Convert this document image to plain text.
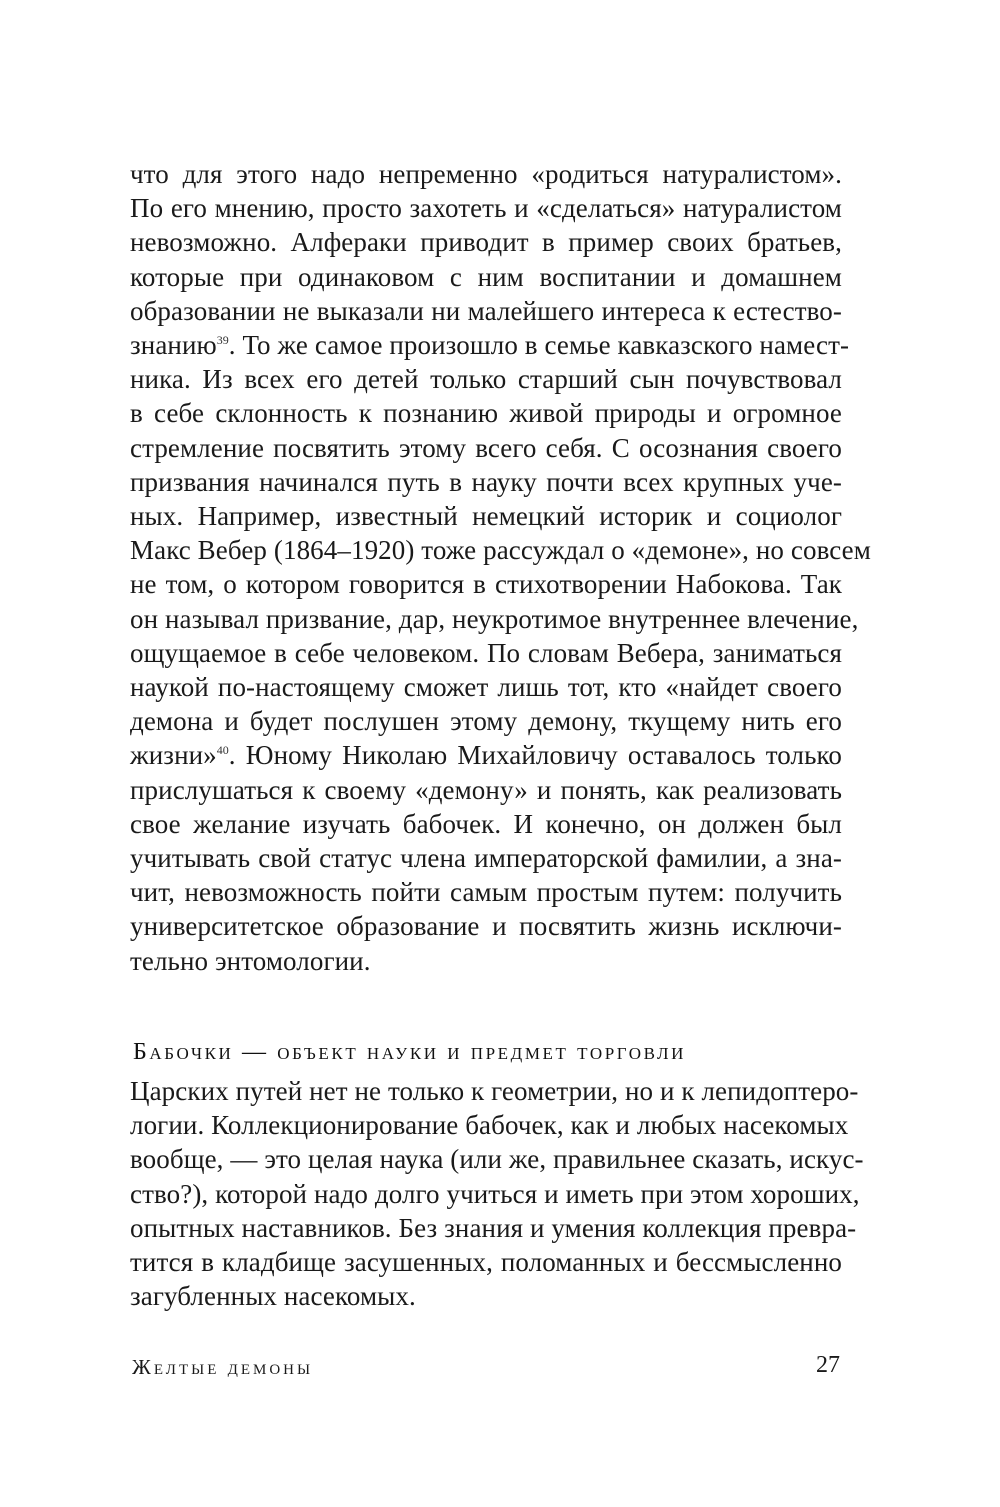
что для этого надо непременно «родиться натуралистом».
По его мнению, просто захотеть и «сделаться» натуралистом
невозможно. Алфераки приводит в пример своих братьев,
которые при одинаковом с ним воспитании и домашнем
образовании не выказали ни малейшего интереса к естество-
знанию$^{39}$. То же самое произошло в семье кавказского намест-
ника. Из всех его детей только старший сын почувствовал
в себе склонность к познанию живой природы и огромное
стремление посвятить этому всего себя. С осознания своего
призвания начинался путь в науку почти всех крупных уче-
ных. Например, известный немецкий историк и социолог
Макс Вебер (1864–1920) тоже рассуждал о «демоне», но совсем
не том, о котором говорится в стихотворении Набокова. Так
он называл призвание, дар, неукротимое внутреннее влечение,
ощущаемое в себе человеком. По словам Вебера, заниматься
наукой по-настоящему сможет лишь тот, кто «найдет своего
демона и будет послушен этому демону, ткущему нить его
жизни»$^{40}$. Юному Николаю Михайловичу оставалось только
прислушаться к своему «демону» и понять, как реализовать
свое желание изучать бабочек. И конечно, он должен был
учитывать свой статус члена императорской фамилии, а зна-
чит, невозможность пойти самым простым путем: получить
университетское образование и посвятить жизнь исключи-
тельно энтомологии.
Бабочки — объект науки и предмет торговли
Царских путей нет не только к геометрии, но и к лепидоптеро-
логии. Коллекционирование бабочек, как и любых насекомых
вообще, — это целая наука (или же, правильнее сказать, искус-
ство?), которой надо долго учиться и иметь при этом хороших,
опытных наставников. Без знания и умения коллекция превра-
тится в кладбище засушенных, поломанных и бессмысленно
загубленных насекомых.
Желтые демоны	27
